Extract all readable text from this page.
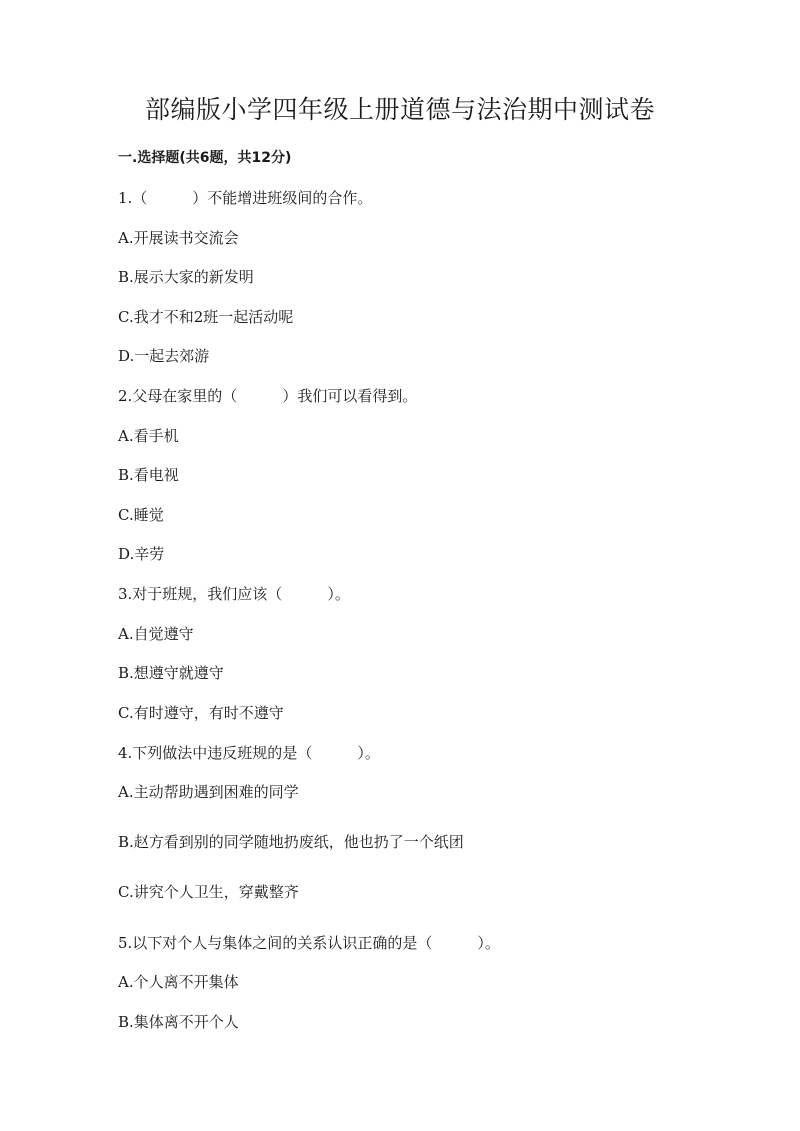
部编版小学四年级上册道德与法治期中测试卷
一.选择题(共6题，共12分)
1.（　　　）不能增进班级间的合作。
A.开展读书交流会
B.展示大家的新发明
C.我才不和2班一起活动呢
D.一起去郊游
2.父母在家里的（　　　）我们可以看得到。
A.看手机
B.看电视
C.睡觉
D.辛劳
3.对于班规，我们应该（　　　）。
A.自觉遵守
B.想遵守就遵守
C.有时遵守，有时不遵守
4.下列做法中违反班规的是（　　　）。
A.主动帮助遇到困难的同学
B.赵方看到别的同学随地扔废纸，他也扔了一个纸团
C.讲究个人卫生，穿戴整齐
5.以下对个人与集体之间的关系认识正确的是（　　　）。
A.个人离不开集体
B.集体离不开个人
